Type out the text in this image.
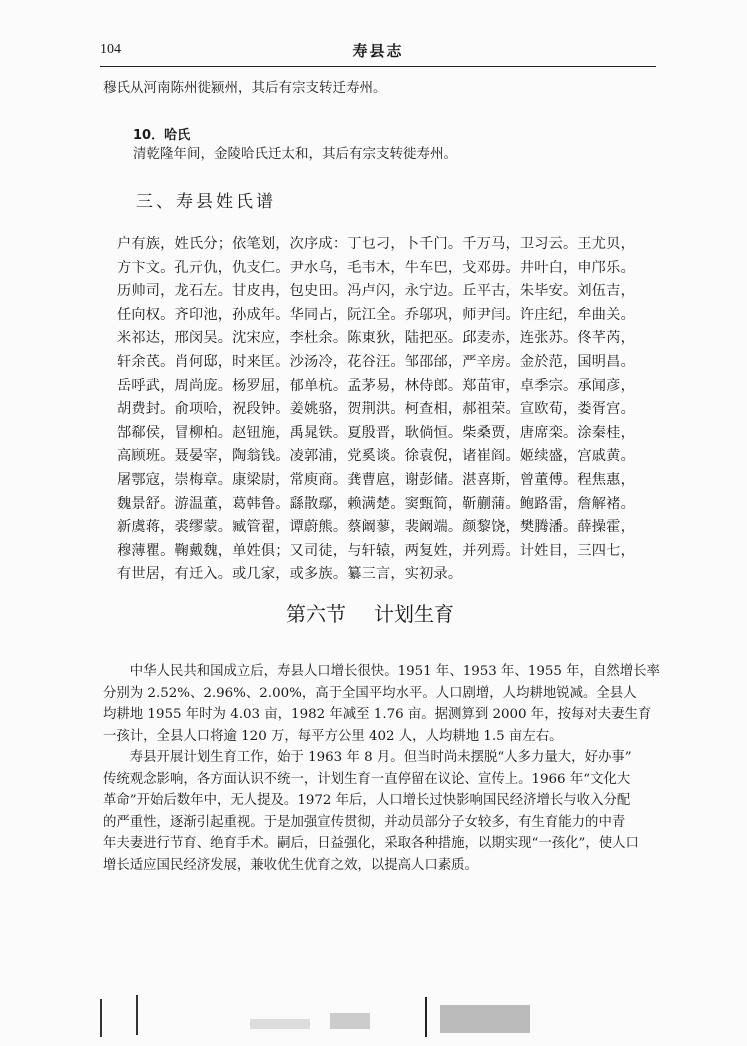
104	寿县志
穆氏从河南陈州徙颍州，其后有宗支转迁寿州。
10．哈氏
清乾隆年间，金陵哈氏迁太和，其后有宗支转徙寿州。
三、寿县姓氏谱
户有族，姓氏分；依笔划，次序成：丁乜刁，卜千门。千万马，卫习云。王尤贝，
方卞文。孔亓仇，仇支仁。尹水乌，毛韦木，牛车巴，戈邓毋。井叶白，申邝乐。
历帅司，龙石左。甘皮冉，包史田。冯卢闪，永宁边。丘平古，朱毕安。刘伍吉，
任向权。齐印池，孙成年。华同占，阮江全。乔邬巩，师尹闫。许庄纪，牟曲关。
米祁达，邢闵吴。沈宋应，李杜余。陈東狄，陆把巫。邱麦赤，连张苏。佟芊芮，
轩余芪。肖何邸，时来匡。沙汤冷，花谷汪。邹邵邰，严辛房。金於范，国明昌。
岳呼武，周尚庞。杨罗屈，郁单杭。孟茅易，林侍郎。郑苗审，卓季宗。承闻彦，
胡费封。俞项哈，祝段钟。姜姚骆，贺荆洪。柯查相，郝祖荣。宣欧荀，娄胥宫。
郜郗侯，冒柳柏。赵钮施，禹晁铁。夏殷晋，耿倘恒。柴桑贾，唐席栾。涂秦桂，
高顾班。聂晏宰，陶翁钱。凌郭浦，党奚谈。徐袁倪，诸崔阎。姬续盛，宫戚黄。
屠鄂寇，崇梅章。康梁尉，常庾商。龚曹扈，谢彭储。湛喜斯，曾董傅。程焦惠，
魏景舒。游温董，葛韩鲁。繇散鄢，赖满楚。窦甄简，靳蒯蒲。鲍路雷，詹解褚。
新虞蒋，裘缪蒙。臧管翟，谭蔚熊。蔡阚蓼，裴阚端。颜黎饶，樊腾潘。薛操霍，
穆薄瞿。鞠戴魏，单姓俱；又司徒，与轩辕，两复姓，并列焉。计姓目，三四七，
有世居，有迁入。或几家，或多族。纂三言，实初录。
第六节 计划生育
　　中华人民共和国成立后，寿县人口增长很快。1951 年、1953 年、1955 年，自然增长率
分别为 2.52%、2.96%、2.00%，高于全国平均水平。人口剧增，人均耕地锐减。全县人
均耕地 1955 年时为 4.03 亩，1982 年减至 1.76 亩。据测算到 2000 年，按每对夫妻生育
一孩计，全县人口将逾 120 万，每平方公里 402 人，人均耕地 1.5 亩左右。
　　寿县开展计划生育工作，始于 1963 年 8 月。但当时尚未摆脱“人多力量大，好办事”
传统观念影响，各方面认识不统一，计划生育一直停留在议论、宣传上。1966 年“文化大
革命”开始后数年中，无人提及。1972 年后，人口增长过快影响国民经济增长与收入分配
的严重性，逐渐引起重视。于是加强宣传贯彻，并动员部分子女较多，有生育能力的中青
年夫妻进行节育、绝育手术。嗣后，日益强化，采取各种措施，以期实现“一孩化”，使人口
增长适应国民经济发展，兼收优生优育之效，以提高人口素质。
